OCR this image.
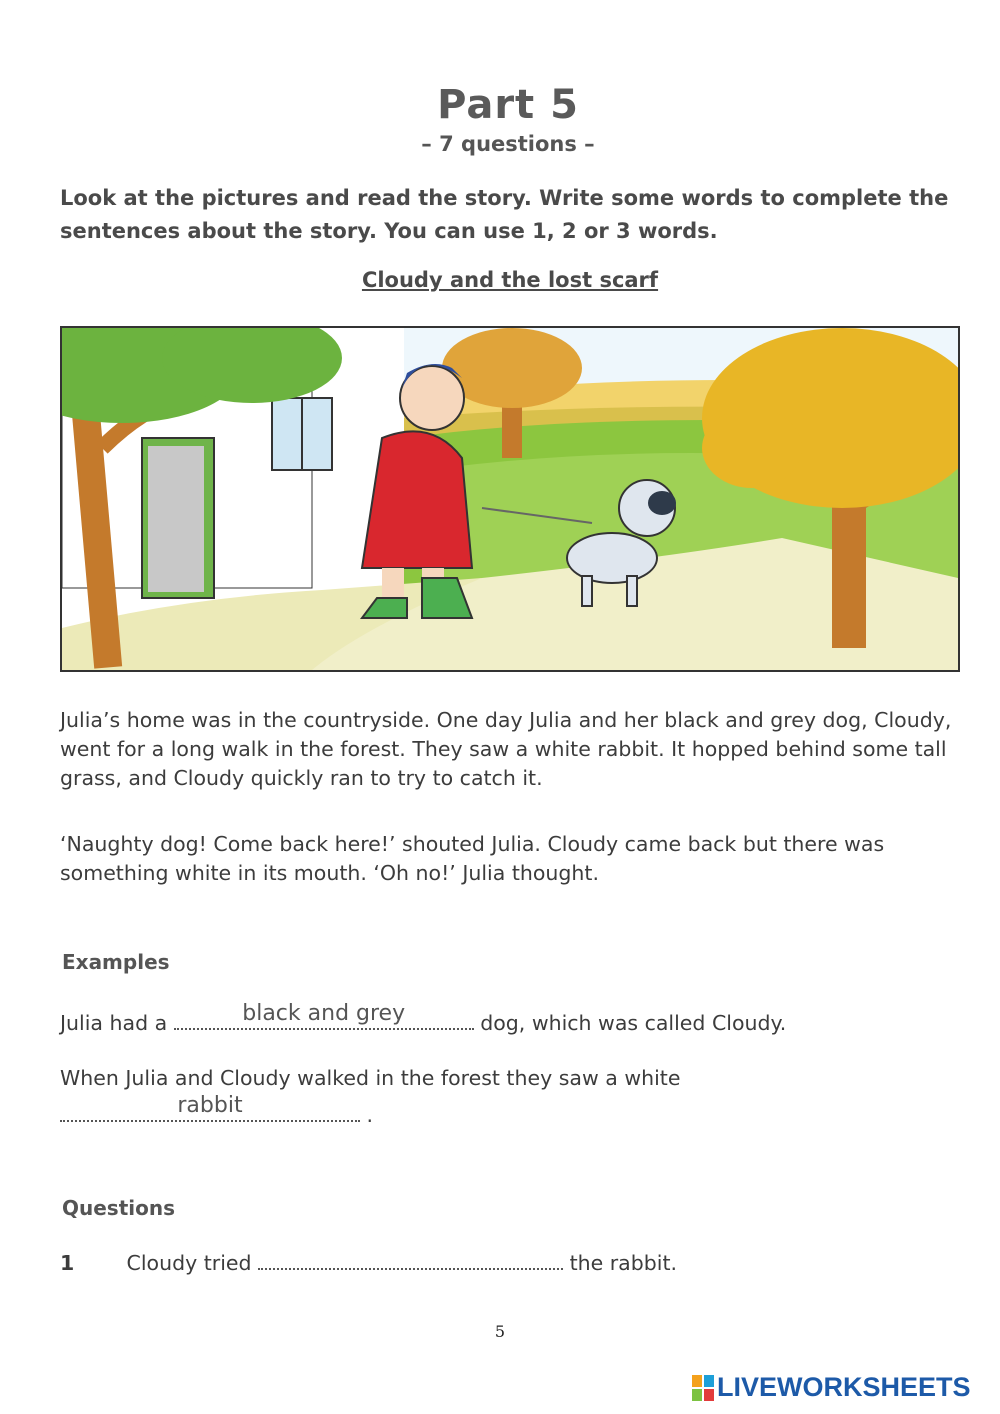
Part 5
– 7 questions –
Look at the pictures and read the story. Write some words to complete the sentences about the story. You can use 1, 2 or 3 words.
Cloudy and the lost scarf
Julia’s home was in the countryside. One day Julia and her black and grey dog, Cloudy, went for a long walk in the forest. They saw a white rabbit. It hopped behind some tall grass, and Cloudy quickly ran to try to catch it.
‘Naughty dog! Come back here!’ shouted Julia. Cloudy came back but there was something white in its mouth. ‘Oh no!’ Julia thought.
Examples
Julia had a	black and grey	dog, which was called Cloudy.
When Julia and Cloudy walked in the forest they saw a white
rabbit	.
Questions
1	Cloudy tried	the rabbit.
5
LIVEWORKSHEETS
